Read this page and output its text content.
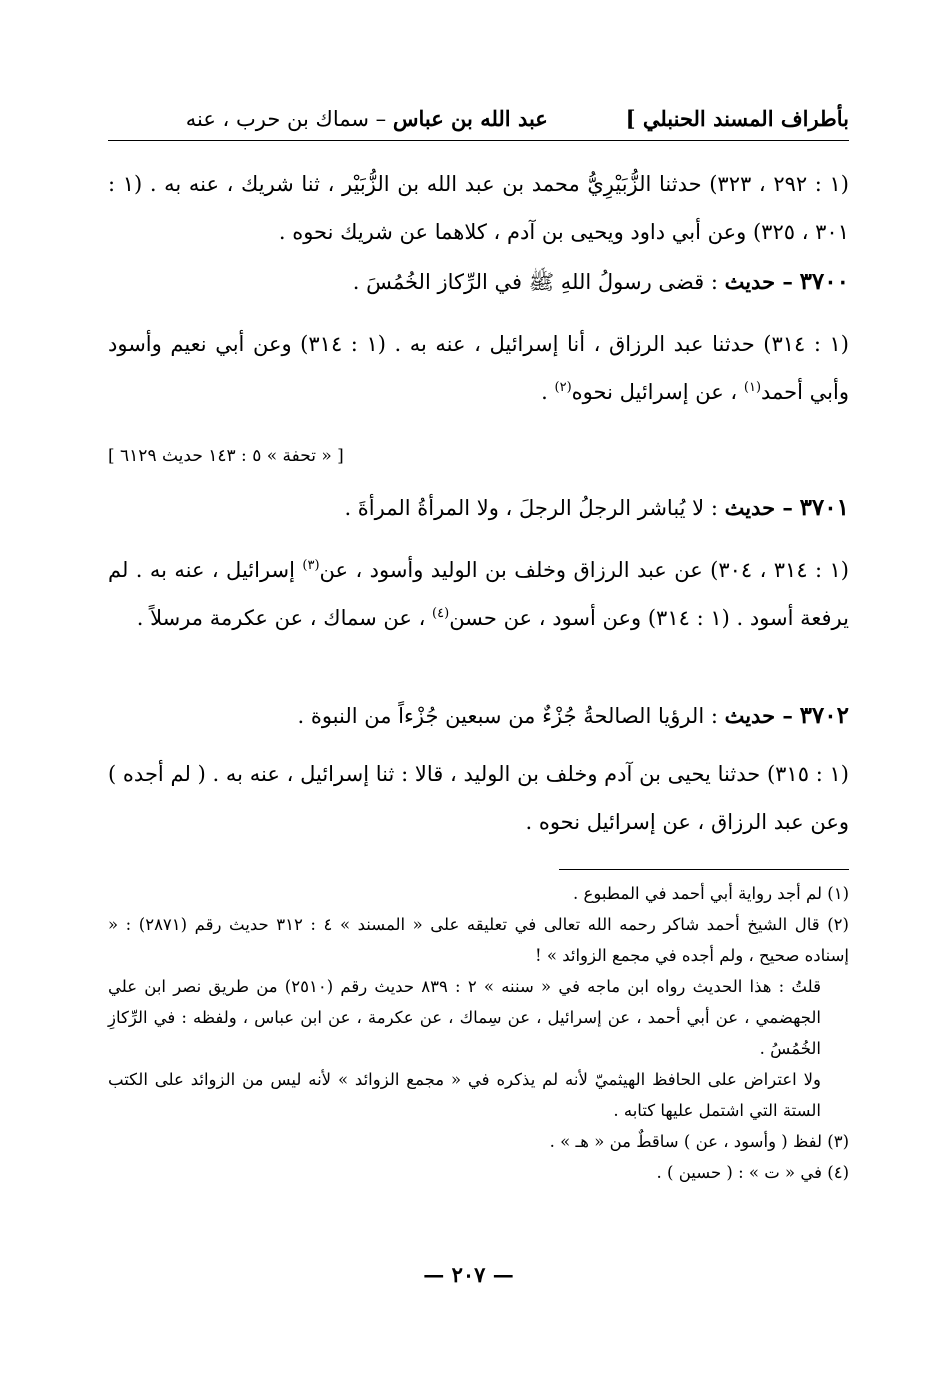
بأطراف المسند الحنبلي ]
عبد الله بن عباس – سماك بن حرب ، عنه
(١ : ٢٩٢ ، ٣٢٣) حدثنا الزُّبَيْرِيُّ محمد بن عبد الله بن الزُّبَيْر ، ثنا شريك ، عنه به . (١ : ٣٠١ ، ٣٢٥) وعن أبي داود ويحيى بن آدم ، كلاهما عن شريك نحوه .
٣٧٠٠ – حديث : قضى رسولُ اللهِ ﷺ في الرِّكاز الخُمُسَ .
(١ : ٣١٤) حدثنا عبد الرزاق ، أنا إسرائيل ، عنه به . (١ : ٣١٤) وعن أبي نعيم وأسود وأبي أحمد$^{(١)}$ ، عن إسرائيل نحوه$^{(٢)}$ .
[ « تحفة » ٥ : ١٤٣ حديث ٦١٢٩ ]
٣٧٠١ – حديث : لا يُباشر الرجلُ الرجلَ ، ولا المرأةُ المرأةَ .
(١ : ٣١٤ ، ٣٠٤) عن عبد الرزاق وخلف بن الوليد وأسود ، عن$^{(٣)}$ إسرائيل ، عنه به . لم يرفعة أسود . (١ : ٣١٤) وعن أسود ، عن حسن$^{(٤)}$ ، عن سماك ، عن عكرمة مرسلاً .
٣٧٠٢ – حديث : الرؤيا الصالحةُ جُزْءٌ من سبعين جُزْءاً من النبوة .
(١ : ٣١٥) حدثنا يحيى بن آدم وخلف بن الوليد ، قالا : ثنا إسرائيل ، عنه به . ( لم أجده ) وعن عبد الرزاق ، عن إسرائيل نحوه .
(١) لم أجد رواية أبي أحمد في المطبوع .
(٢) قال الشيخ أحمد شاكر رحمه الله تعالى في تعليقه على « المسند » ٤ : ٣١٢ حديث رقم (٢٨٧١) : « إسناده صحيح ، ولم أجده في مجمع الزوائد » !
قلتُ : هذا الحديث رواه ابن ماجه في « سننه » ٢ : ٨٣٩ حديث رقم (٢٥١٠) من طريق نصر ابن علي الجهضمي ، عن أبي أحمد ، عن إسرائيل ، عن سِماك ، عن عكرمة ، عن ابن عباس ، ولفظه : في الرِّكازِ الخُمُسُ .
ولا اعتراض على الحافظ الهيثميّ لأنه لم يذكره في « مجمع الزوائد » لأنه ليس من الزوائد على الكتب الستة التي اشتمل عليها كتابه .
(٣) لفظ ( وأسود ، عن ) ساقطٌ من « هـ » .
(٤) في « ت » : ( حسين ) .
— ٢٠٧ —
